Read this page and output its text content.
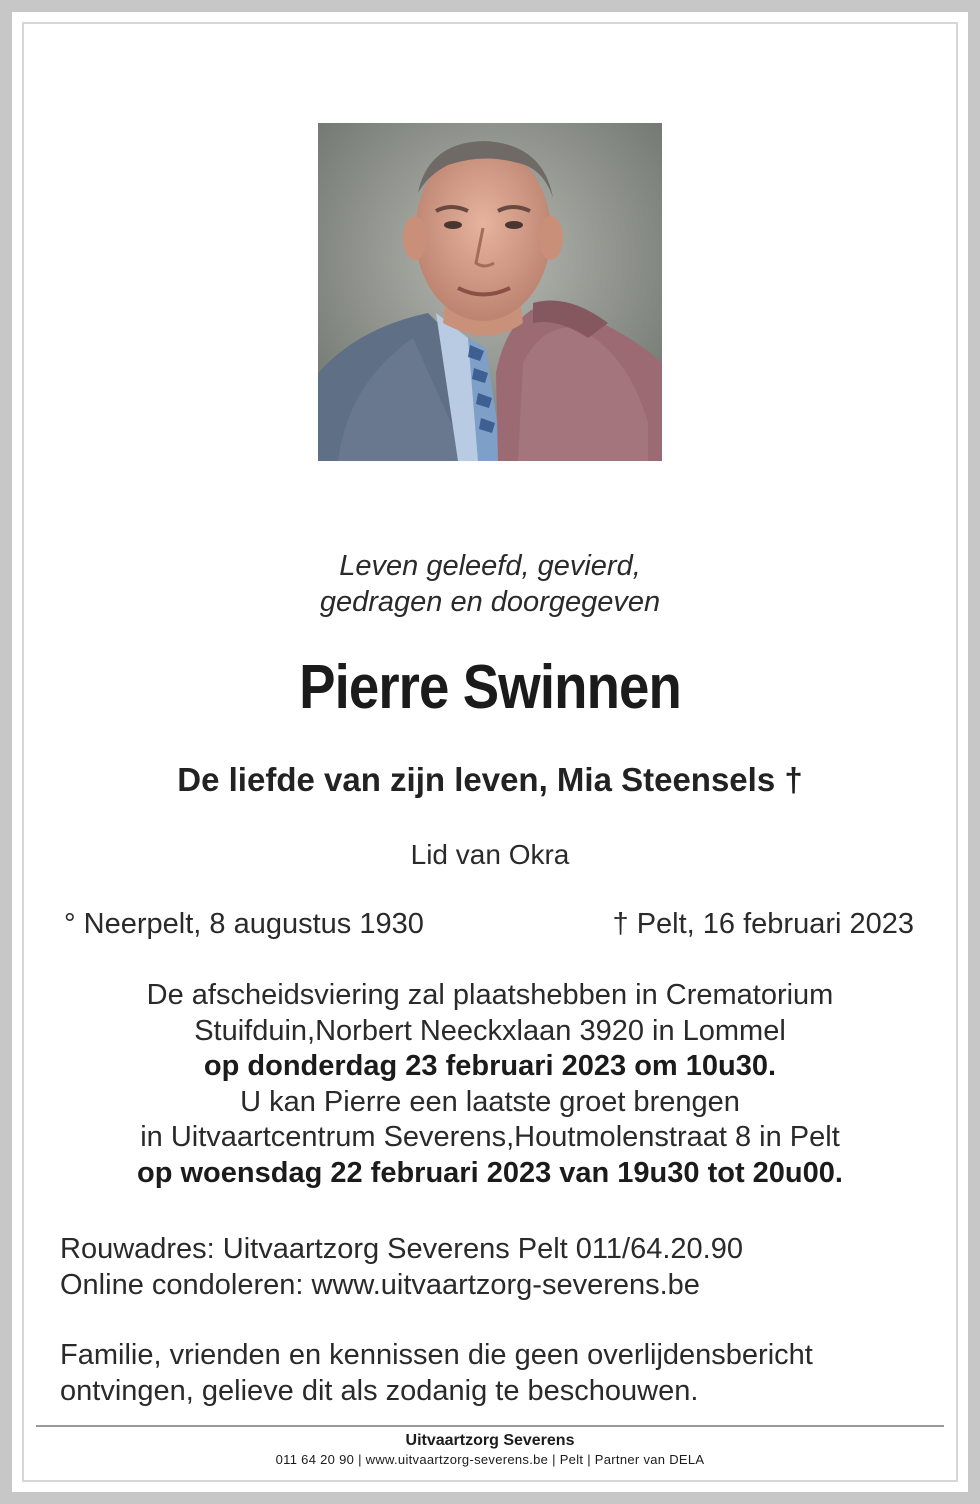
Leven geleefd, gevierd,
gedragen en doorgegeven
Pierre Swinnen
De liefde van zijn leven, Mia Steensels †
Lid van Okra
° Neerpelt, 8 augustus 1930	† Pelt, 16 februari 2023
De afscheidsviering zal plaatshebben in Crematorium
Stuifduin,Norbert Neeckxlaan 3920 in Lommel
op donderdag 23 februari 2023 om 10u30.
U kan Pierre een laatste groet brengen
in Uitvaartcentrum Severens,Houtmolenstraat 8 in Pelt
op woensdag 22 februari 2023 van 19u30 tot 20u00.
Rouwadres: Uitvaartzorg Severens Pelt 011/64.20.90
Online condoleren: www.uitvaartzorg-severens.be
Familie, vrienden en kennissen die geen overlijdensbericht
ontvingen, gelieve dit als zodanig te beschouwen.
Uitvaartzorg Severens
011 64 20 90 | www.uitvaartzorg-severens.be | Pelt | Partner van DELA
